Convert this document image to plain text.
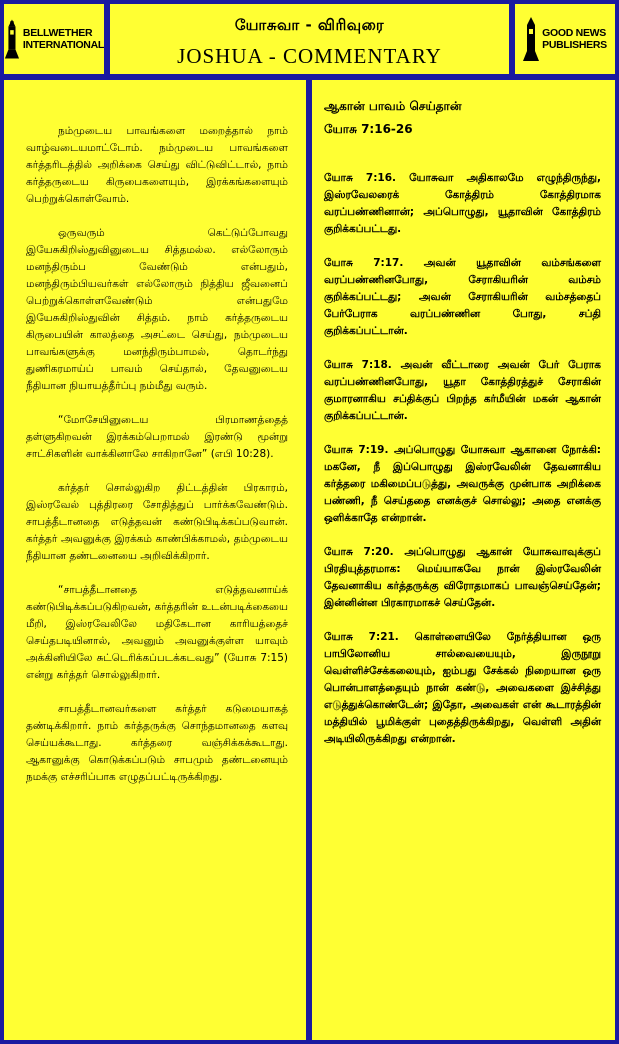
BELLWETHER
INTERNATIONAL
யோசுவா - விரிவுரை
JOSHUA - COMMENTARY
GOOD NEWS
PUBLISHERS

நம்முடைய பாவங்களை மறைத்தால் நாம் வாழ்வடையமாட்டோம். நம்முடைய பாவங்களை கர்த்தரிடத்தில் அறிக்கை செய்து விட்டுவிட்டால், நாம் கர்த்தருடைய கிருபைகளையும், இரக்கங்களையும் பெற்றுக்கொள்வோம்.

ஒருவரும் கெட்டுப்போவது இயேசுகிறிஸ்துவினுடைய சித்தமல்ல. எல்லோரும் மனந்திரும்ப வேண்டும் என்பதும், மனந்திரும்பியவர்கள் எல்லோரும் நித்திய ஜீவனைப் பெற்றுக்கொள்ளவேண்டும் என்பதுமே இயேசுகிறிஸ்துவின் சித்தம். நாம் கர்த்தருடைய கிருபையின் காலத்தை அசட்டை செய்து, நம்முடைய பாவங்களுக்கு மனந்திரும்பாமல், தொடர்ந்து துணிகரமாய்ப் பாவம் செய்தால், தேவனுடைய நீதியான நியாயத்தீர்ப்பு நம்மீது வரும்.

“மோசேயினுடைய பிரமாணத்தைத் தள்ளுகிறவன் இரக்கம்பெறாமல் இரண்டு மூன்று சாட்சிகளின் வாக்கினாலே சாகிறானே” (எபி 10:28).

கர்த்தர் சொல்லுகிற திட்டத்தின் பிரகாரம், இஸ்ரவேல் புத்திரரை சோதித்துப் பார்க்கவேண்டும். சாபத்தீடானதை எடுத்தவன் கண்டுபிடிக்கப்படுவான். கர்த்தர் அவனுக்கு இரக்கம் காண்பிக்காமல், தம்முடைய நீதியான தண்டனையை அறிவிக்கிறார்.

“சாபத்தீடானதை எடுத்தவனாய்க் கண்டுபிடிக்கப்படுகிறவன், கர்த்தரின் உடன்படிக்கையை மீறி, இஸ்ரவேலிலே மதிகேடான காரியத்தைச் செய்தபடியினால், அவனும் அவனுக்குள்ள யாவும் அக்கினியிலே சுட்டெரிக்கப்படக்கடவது” (யோசு 7:15) என்று கர்த்தர் சொல்லுகிறார்.

சாபத்தீடானவர்களை கர்த்தர் கடுமையாகத் தண்டிக்கிறார். நாம் கர்த்தருக்கு சொந்தமானதை களவு செய்யக்கூடாது. கர்த்தரை வஞ்சிக்கக்கூடாது. ஆகானுக்கு கொடுக்கப்படும் சாபமும் தண்டனையும் நமக்கு எச்சரிப்பாக எழுதப்பட்டிருக்கிறது.

ஆகான் பாவம் செய்தான்
யோசு 7:16-26

யோசு 7:16. யோசுவா அதிகாலமே எழுந்திருந்து, இஸ்ரவேலரைக் கோத்திரம் கோத்திரமாக வரப்பண்ணினான்; அப்பொழுது, யூதாவின் கோத்திரம் குறிக்கப்பட்டது.

யோசு 7:17. அவன் யூதாவின் வம்சங்களை வரப்பண்ணினபோது, சேராகியரின் வம்சம் குறிக்கப்பட்டது; அவன் சேராகியரின் வம்சத்தைப் பேர்பேராக வரப்பண்ணின போது, சப்தி குறிக்கப்பட்டான்.

யோசு 7:18. அவன் வீட்டாரை அவன் பேர் பேராக வரப்பண்ணினபோது, யூதா கோத்திரத்துச் சேராகின் குமாரனாகிய சப்திக்குப் பிறந்த கர்மீயின் மகன் ஆகான் குறிக்கப்பட்டான்.

யோசு 7:19. அப்பொழுது யோசுவா ஆகானை நோக்கி: மகனே, நீ இப்பொழுது இஸ்ரவேலின் தேவனாகிய கர்த்தரை மகிமைப்படுத்து, அவருக்கு முன்பாக அறிக்கை பண்ணி, நீ செய்ததை எனக்குச் சொல்லு; அதை எனக்கு ஒளிக்காதே என்றான்.

யோசு 7:20. அப்பொழுது ஆகான் யோசுவாவுக்குப் பிரதியுத்தரமாக: மெய்யாகவே நான் இஸ்ரவேலின் தேவனாகிய கர்த்தருக்கு விரோதமாகப் பாவஞ்செய்தேன்; இன்னின்ன பிரகாரமாகச் செய்தேன்.

யோசு 7:21. கொள்ளையிலே நேர்த்தியான ஒரு பாபிலோனிய சால்வையையும், இருநூறு வெள்ளிச்சேக்கலையும், ஐம்பது சேக்கல் நிறையான ஒரு பொன்பாளத்தையும் நான் கண்டு, அவைகளை இச்சித்து எடுத்துக்கொண்டேன்; இதோ, அவைகள் என் கூடாரத்தின் மத்தியில் பூமிக்குள் புதைத்திருக்கிறது, வெள்ளி அதின் அடியிலிருக்கிறது என்றான்.
